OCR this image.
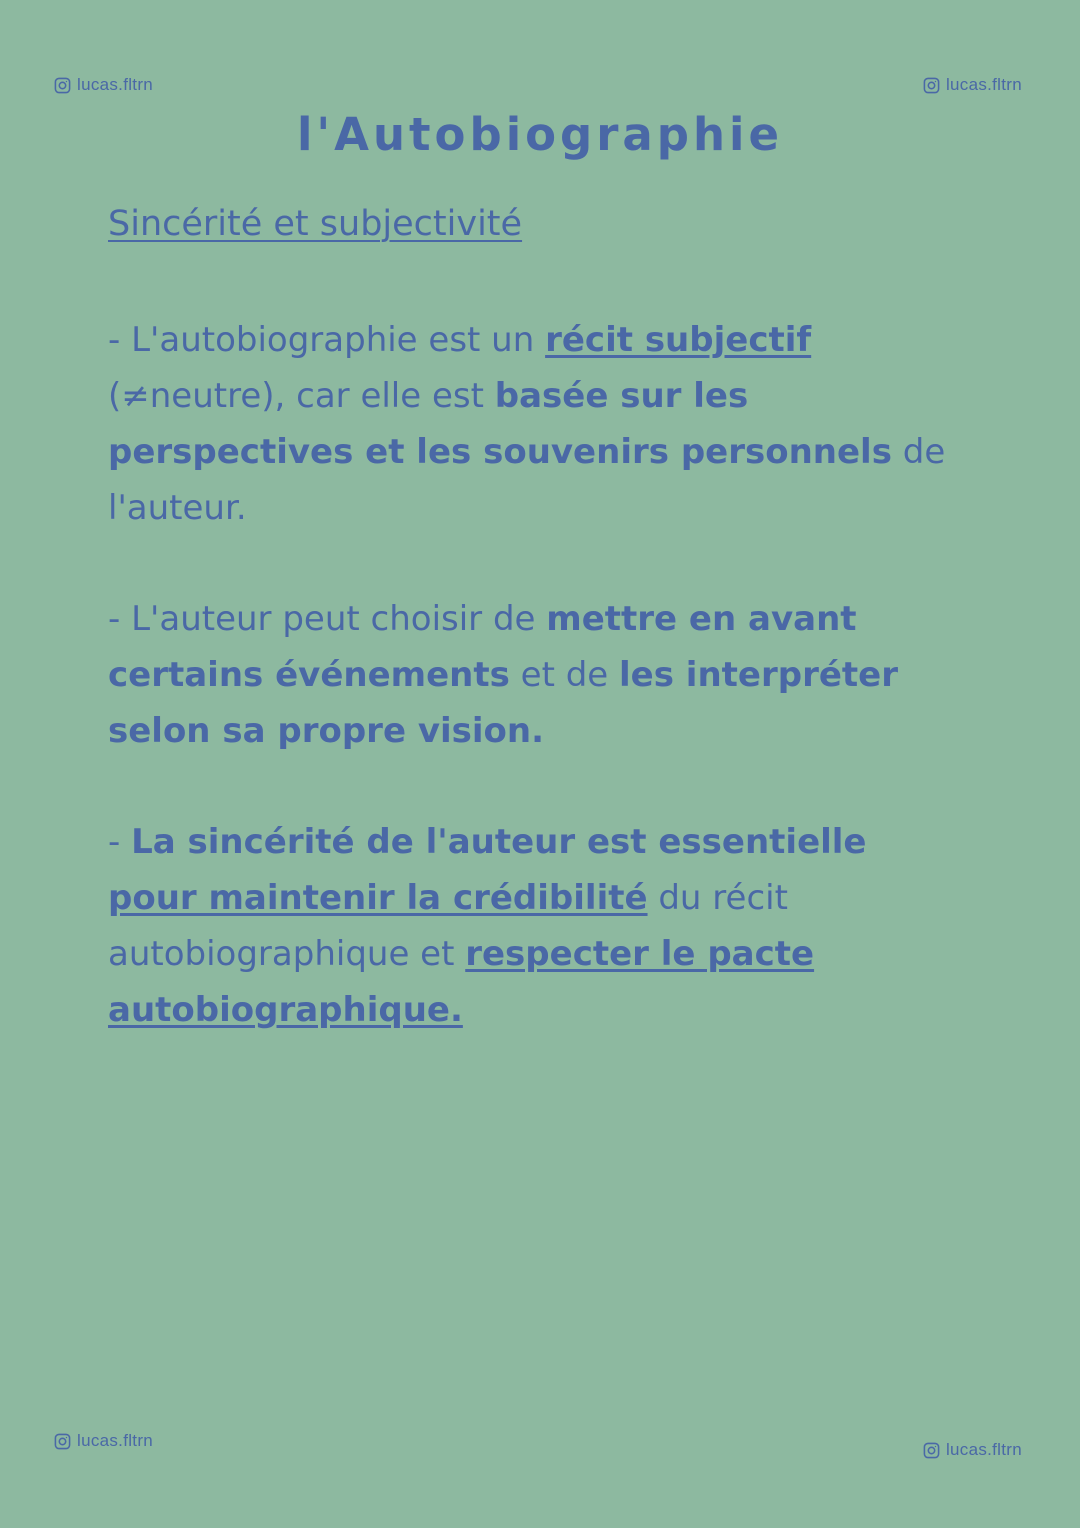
lucas.fltrn	lucas.fltrn
lucas.fltrn	lucas.fltrn
l'Autobiographie
Sincérité et subjectivité

- L'autobiographie est un récit subjectif (≠neutre), car elle est basée sur les perspectives et les souvenirs personnels de l'auteur.

- L'auteur peut choisir de mettre en avant certains événements et de les interpréter selon sa propre vision.

- La sincérité de l'auteur est essentielle pour maintenir la crédibilité du récit autobiographique et respecter le pacte autobiographique.
